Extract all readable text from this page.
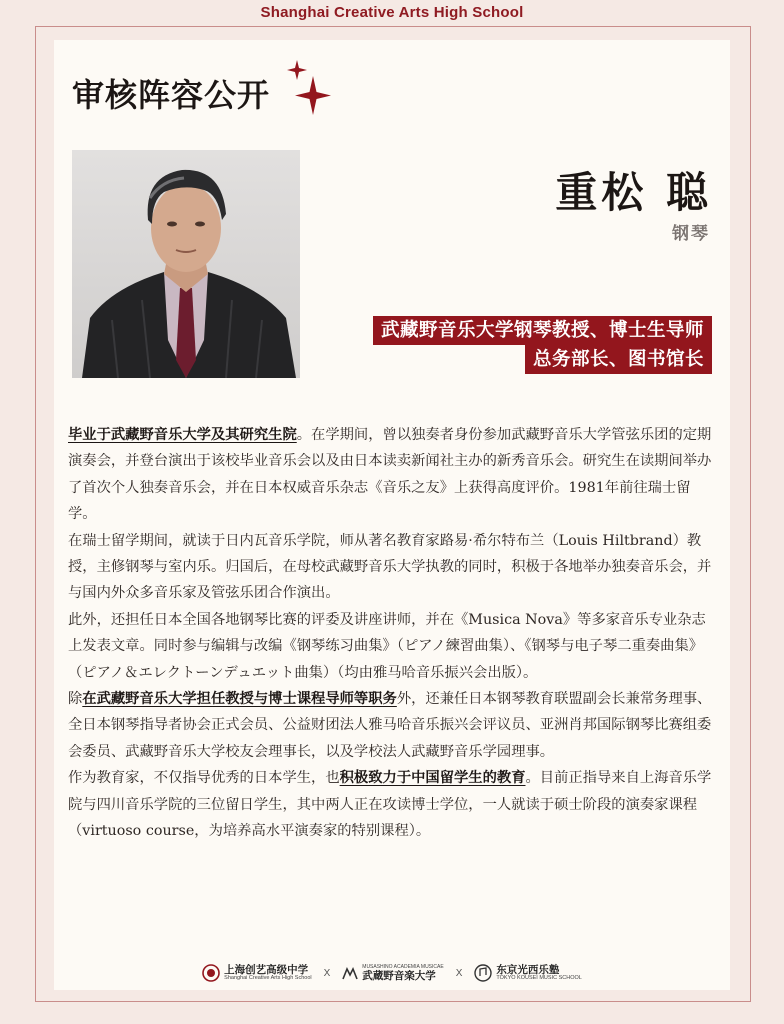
Shanghai Creative Arts High School
审核阵容公开
重松 聪
钢琴
武藏野音乐大学钢琴教授、博士生导师
总务部长、图书馆长

毕业于武藏野音乐大学及其研究生院。在学期间，曾以独奏者身份参加武藏野音乐大学管弦乐团的定期演奏会，并登台演出于该校毕业音乐会以及由日本读卖新闻社主办的新秀音乐会。研究生在读期间举办了首次个人独奏音乐会，并在日本权威音乐杂志《音乐之友》上获得高度评价。1981年前往瑞士留学。

在瑞士留学期间，就读于日内瓦音乐学院，师从著名教育家路易·希尔特布兰（Louis Hiltbrand）教授，主修钢琴与室内乐。归国后，在母校武藏野音乐大学执教的同时，积极于各地举办独奏音乐会，并与国内外众多音乐家及管弦乐团合作演出。

此外，还担任日本全国各地钢琴比赛的评委及讲座讲师，并在《Musica Nova》等多家音乐专业杂志上发表文章。同时参与编辑与改编《钢琴练习曲集》（ピアノ練習曲集）、《钢琴与电子琴二重奏曲集》（ピアノ＆エレクトーンデュエット曲集）（均由雅马哈音乐振兴会出版）。

除在武藏野音乐大学担任教授与博士课程导师等职务外，还兼任日本钢琴教育联盟副会长兼常务理事、全日本钢琴指导者协会正式会员、公益财团法人雅马哈音乐振兴会评议员、亚洲肖邦国际钢琴比赛组委会委员、武藏野音乐大学校友会理事长，以及学校法人武藏野音乐学园理事。

作为教育家，不仅指导优秀的日本学生，也积极致力于中国留学生的教育。目前正指导来自上海音乐学院与四川音乐学院的三位留日学生，其中两人正在攻读博士学位，一人就读于硕士阶段的演奏家课程（virtuoso course，为培养高水平演奏家的特别课程）。

上海创艺高级中学
Shanghai Creative Arts High School X
MUSASHINO ACADEMIA MUSICAE
武蔵野音楽大学	X	东京光西乐塾
TOKYO KOUSEI MUSIC SCHOOL
